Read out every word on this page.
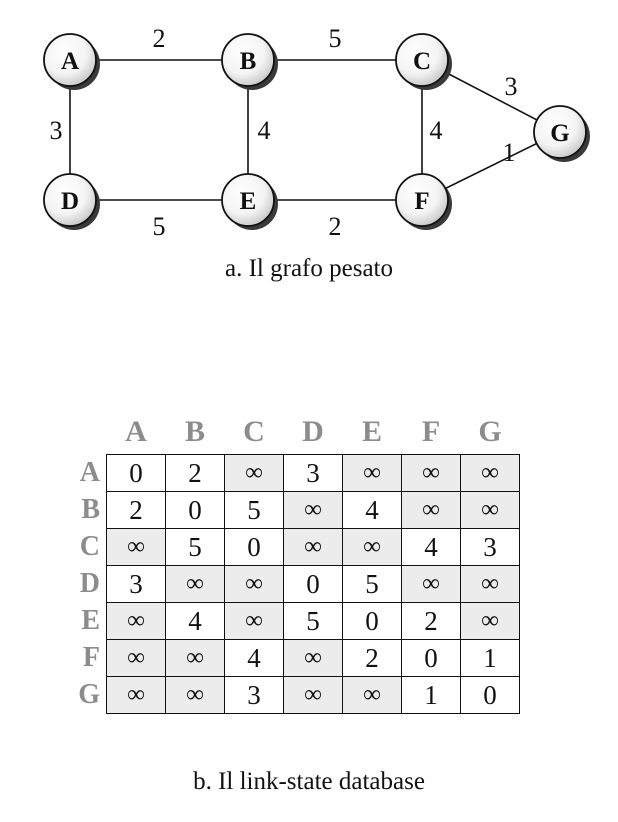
2	5
3	4	4
3
1
5	2
A	B	C
D	E	F
G
a. Il grafo pesato
	A	B	C	D	E	F	G
A	0	2	∞	3	∞	∞	∞
B	2	0	5	∞	4	∞	∞
C	∞	5	0	∞	∞	4	3
D	3	∞	∞	0	5	∞	∞
E	∞	4	∞	5	0	2	∞
F	∞	∞	4	∞	2	0	1
G	∞	∞	3	∞	∞	1	0
b. Il link-state database
